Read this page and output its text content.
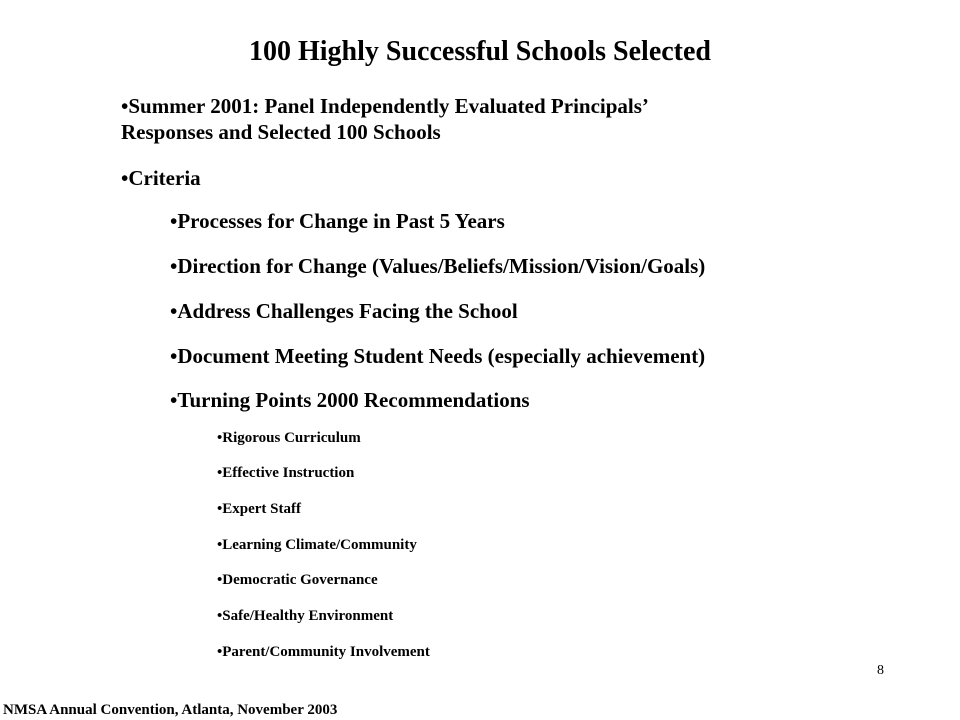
100 Highly Successful Schools Selected
•Summer 2001: Panel Independently Evaluated Principals’
Responses and Selected 100 Schools
•Criteria
•Processes for Change in Past 5 Years
•Direction for Change (Values/Beliefs/Mission/Vision/Goals)
•Address Challenges Facing the School
•Document Meeting Student Needs (especially achievement)
•Turning Points 2000 Recommendations
•Rigorous Curriculum
•Effective Instruction
•Expert Staff
•Learning Climate/Community
•Democratic Governance
•Safe/Healthy Environment
•Parent/Community Involvement
8
NMSA Annual Convention, Atlanta, November 2003
